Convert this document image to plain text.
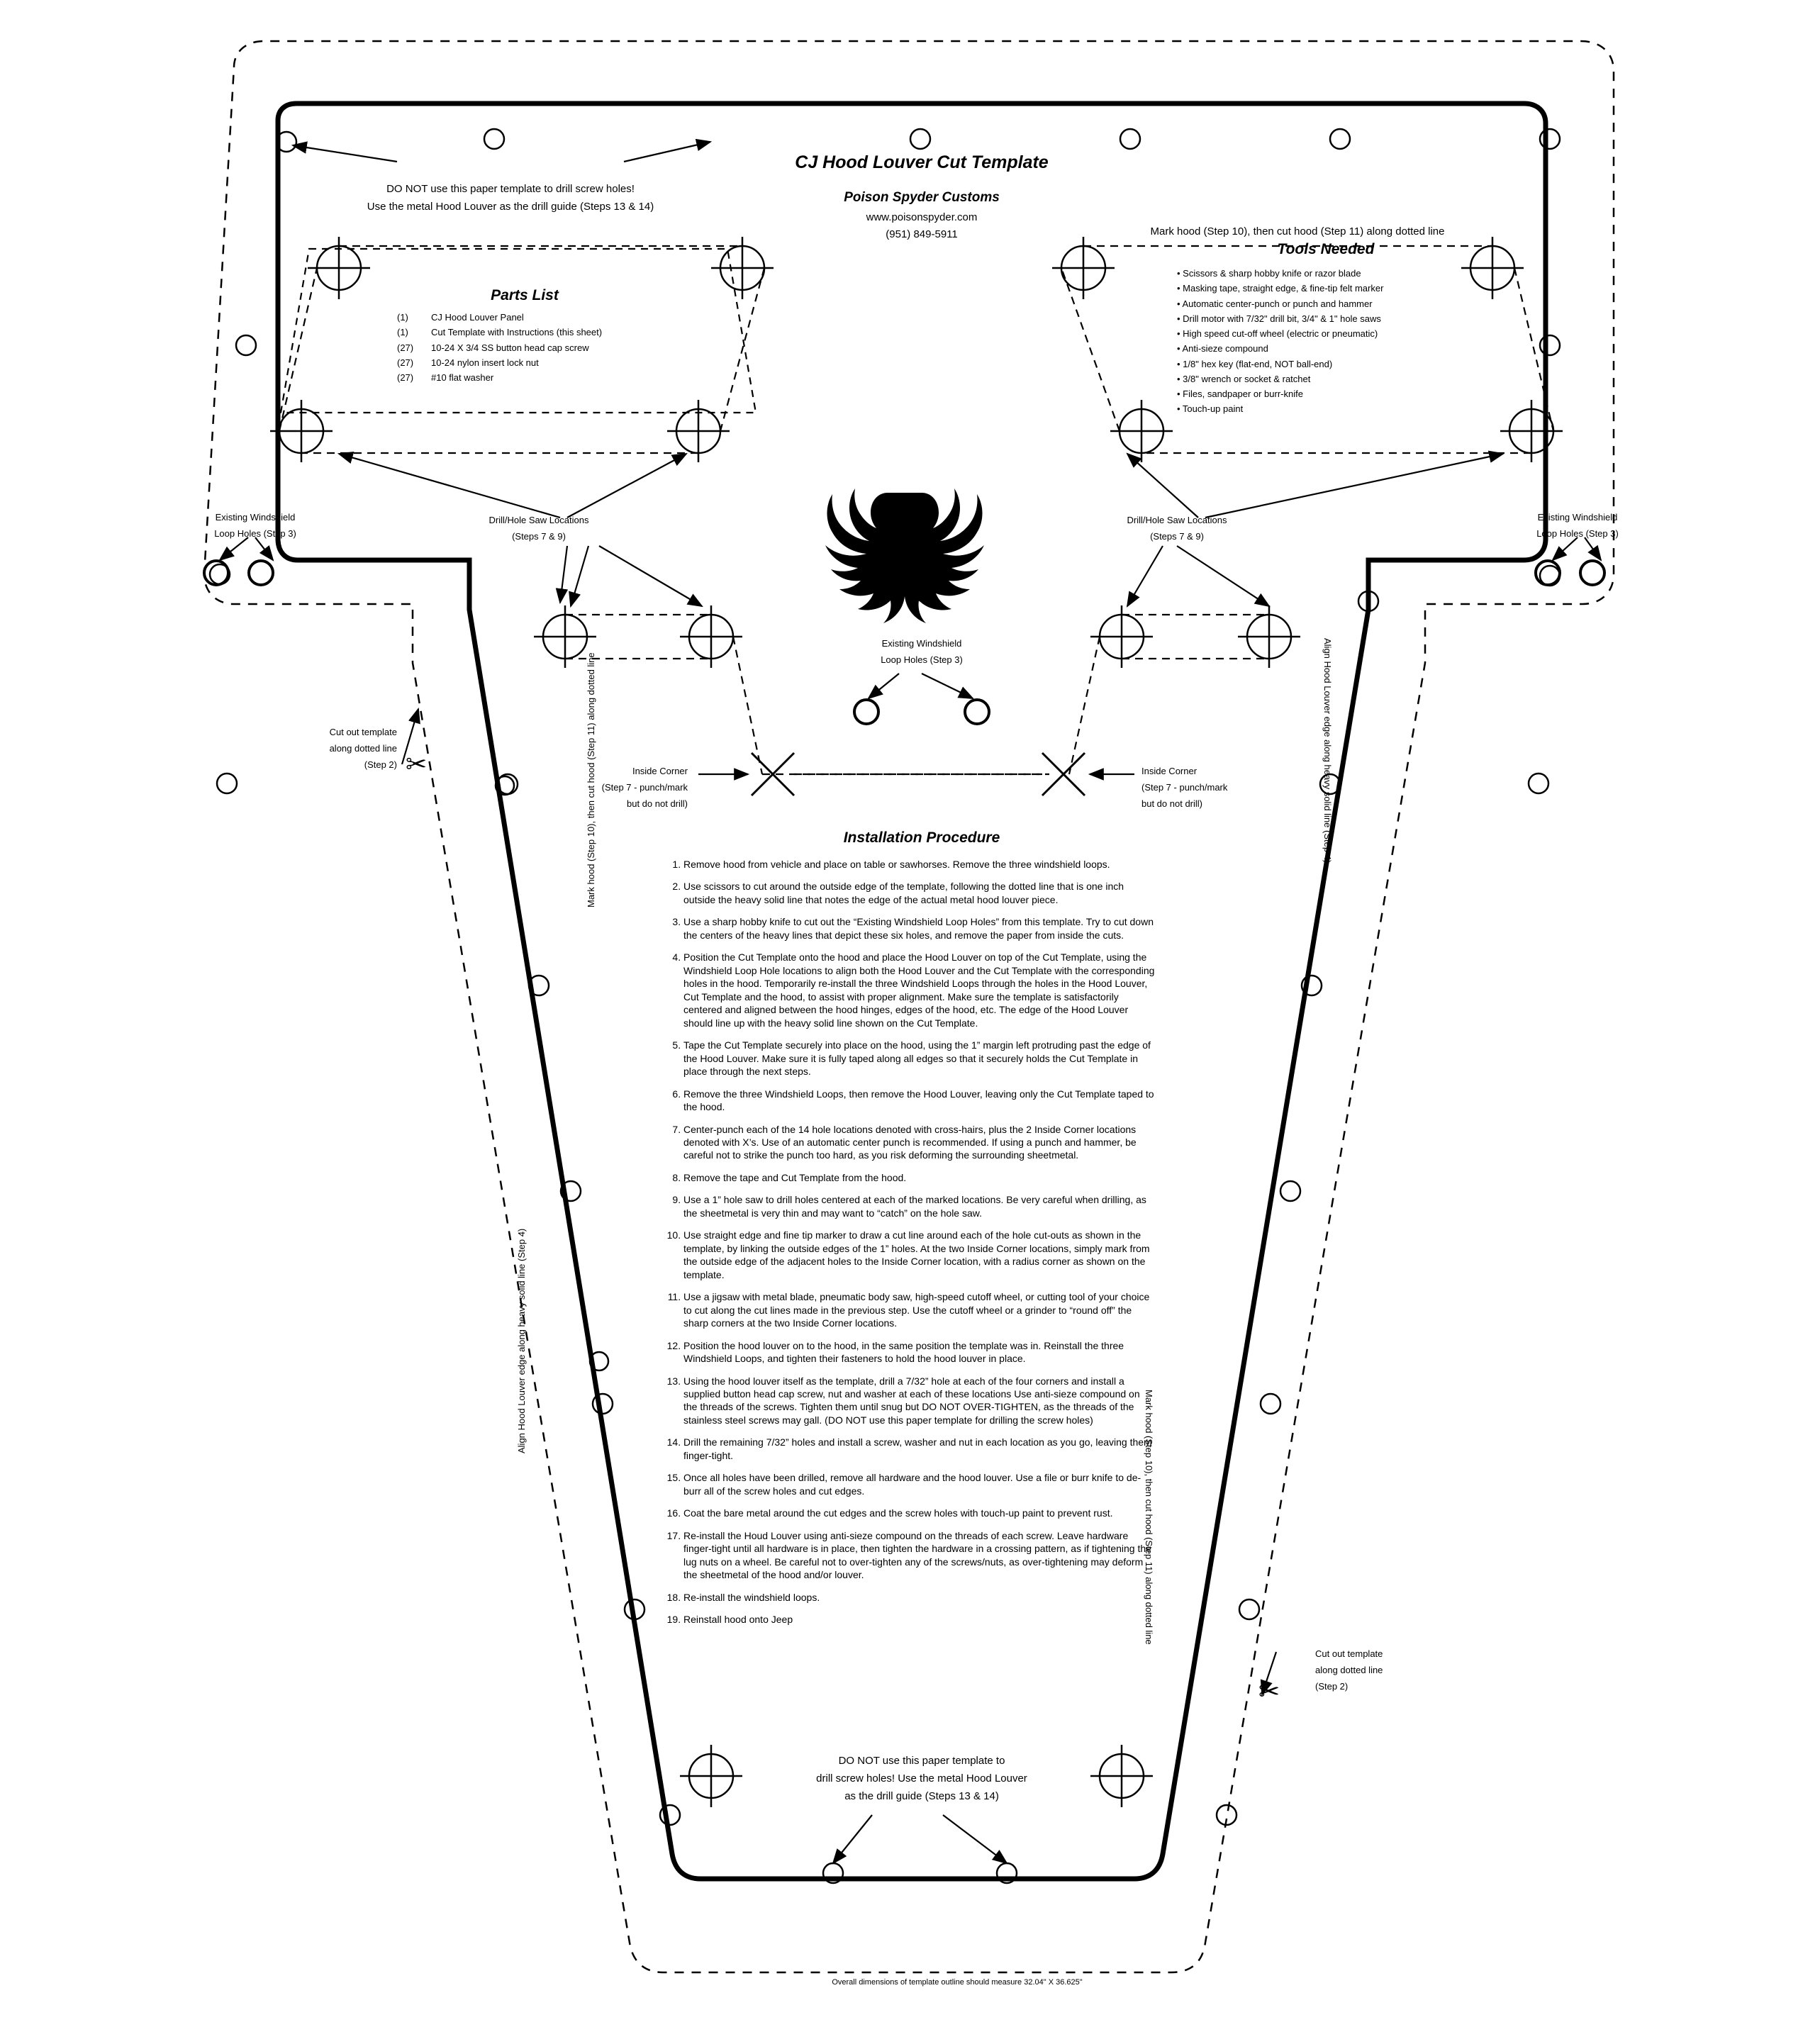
CJ Hood Louver Cut Template
Poison Spyder Customs
www.poisonspyder.com
(951) 849-5911
DO NOT use this paper template to drill screw holes!
Use the metal Hood Louver as the drill guide (Steps 13 & 14)
Mark hood (Step 10), then cut hood (Step 11) along dotted line
Parts List
(1) CJ Hood Louver Panel
(1) Cut Template with Instructions (this sheet)
(27) 10-24 X 3/4 SS button head cap screw
(27) 10-24 nylon insert lock nut
(27) #10 flat washer
Tools Needed
• Scissors & sharp hobby knife or razor blade
• Masking tape, straight edge, & fine-tip felt marker
• Automatic center-punch or punch and hammer
• Drill motor with 7/32" drill bit, 3/4" & 1" hole saws
• High speed cut-off wheel (electric or pneumatic)
• Anti-sieze compound
• 1/8" hex key (flat-end, NOT ball-end)
• 3/8" wrench or socket & ratchet
• Files, sandpaper or burr-knife
• Touch-up paint
Existing Windshield
Loop Holes (Step 3)
Existing Windshield
Loop Holes (Step 3)
Existing Windshield
Loop Holes (Step 3)
Drill/Hole Saw Locations
(Steps 7 & 9)
Drill/Hole Saw Locations
(Steps 7 & 9)
Cut out template
along dotted line
(Step 2) ✂
Cut out template
along dotted line
(Step 2)
✂
Inside Corner
(Step 7 - punch/mark
but do not drill)
Inside Corner
(Step 7 - punch/mark
but do not drill)
Mark hood (Step 10), then cut hood (Step 11) along dotted line
Align Hood Louver edge along heavy solid line (Step 4)
Mark hood (Step 10), then cut hood (Step 11) along dotted line
Align Hood Louver edge along heavy solid line (Step 4)
Installation Procedure
1. Remove hood from vehicle and place on table or sawhorses. Remove the three windshield loops.
2. Use scissors to cut around the outside edge of the template, following the dotted line that is one inch outside the heavy solid line that notes the edge of the actual metal hood louver piece.
3. Use a sharp hobby knife to cut out the “Existing Windshield Loop Holes” from this template. Try to cut down the centers of the heavy lines that depict these six holes, and remove the paper from inside the cuts.
4. Position the Cut Template onto the hood and place the Hood Louver on top of the Cut Template, using the Windshield Loop Hole locations to align both the Hood Louver and the Cut Template with the corresponding holes in the hood. Temporarily re-install the three Windshield Loops through the holes in the Hood Louver, Cut Template and the hood, to assist with proper alignment. Make sure the template is satisfactorily centered and aligned between the hood hinges, edges of the hood, etc. The edge of the Hood Louver should line up with the heavy solid line shown on the Cut Template.
5. Tape the Cut Template securely into place on the hood, using the 1” margin left protruding past the edge of the Hood Louver. Make sure it is fully taped along all edges so that it securely holds the Cut Template in place through the next steps.
6. Remove the three Windshield Loops, then remove the Hood Louver, leaving only the Cut Template taped to the hood.
7. Center-punch each of the 14 hole locations denoted with cross-hairs, plus the 2 Inside Corner locations denoted with X’s. Use of an automatic center punch is recommended. If using a punch and hammer, be careful not to strike the punch too hard, as you risk deforming the surrounding sheetmetal.
8. Remove the tape and Cut Template from the hood.
9. Use a 1” hole saw to drill holes centered at each of the marked locations. Be very careful when drilling, as the sheetmetal is very thin and may want to “catch” on the hole saw.
10. Use straight edge and fine tip marker to draw a cut line around each of the hole cut-outs as shown in the template, by linking the outside edges of the 1” holes. At the two Inside Corner locations, simply mark from the outside edge of the adjacent holes to the Inside Corner location, with a radius corner as shown on the template.
11. Use a jigsaw with metal blade, pneumatic body saw, high-speed cutoff wheel, or cutting tool of your choice to cut along the cut lines made in the previous step. Use the cutoff wheel or a grinder to “round off” the sharp corners at the two Inside Corner locations.
12. Position the hood louver on to the hood, in the same position the template was in. Reinstall the three Windshield Loops, and tighten their fasteners to hold the hood louver in place.
13. Using the hood louver itself as the template, drill a 7/32” hole at each of the four corners and install a supplied button head cap screw, nut and washer at each of these locations Use anti-sieze compound on the threads of the screws. Tighten them until snug but DO NOT OVER-TIGHTEN, as the threads of the stainless steel screws may gall. (DO NOT use this paper template for drilling the screw holes)
14. Drill the remaining 7/32” holes and install a screw, washer and nut in each location as you go, leaving them finger-tight.
15. Once all holes have been drilled, remove all hardware and the hood louver. Use a file or burr knife to de-burr all of the screw holes and cut edges.
16. Coat the bare metal around the cut edges and the screw holes with touch-up paint to prevent rust.
17. Re-install the Houd Louver using anti-sieze compound on the threads of each screw. Leave hardware finger-tight until all hardware is in place, then tighten the hardware in a crossing pattern, as if tightening the lug nuts on a wheel. Be careful not to over-tighten any of the screws/nuts, as over-tightening may deform the sheetmetal of the hood and/or louver.
18. Re-install the windshield loops.
19. Reinstall hood onto Jeep
DO NOT use this paper template to
drill screw holes! Use the metal Hood Louver
as the drill guide (Steps 13 & 14)
Overall dimensions of template outline should measure 32.04" X 36.625"
